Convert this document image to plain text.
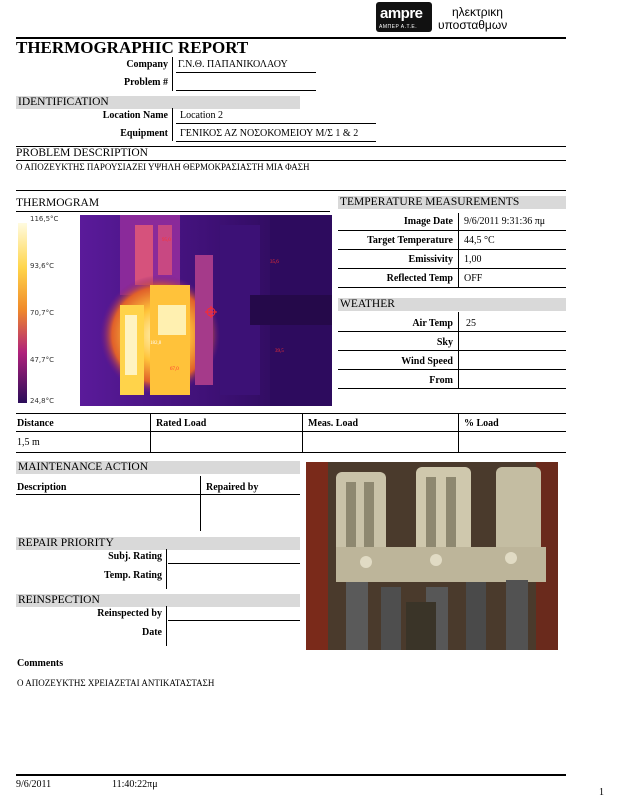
ampre
ΑΜΠΕΡ Α.Τ.Ε.
ηλεκτρικη
υποσταθμων
THERMOGRAPHIC REPORT
Company Γ.Ν.Θ. ΠΑΠΑΝΙΚΟΛΑΟΥ
Problem #
IDENTIFICATION
Location Name Location 2
Equipment ΓΕΝΙΚΟΣ ΑΖ ΝΟΣΟΚΟΜΕΙΟΥ Μ/Σ 1 & 2
PROBLEM DESCRIPTION
Ο ΑΠΟΖΕΥΚΤΗΣ ΠΑΡΟΥΣΙΑΖΕΙ ΥΨΗΛΗ ΘΕΡΜΟΚΡΑΣΙΑΣΤΗ ΜΙΑ ΦΑΣΗ
THERMOGRAM
116,5°C
93,6°C
70,7°C
47,7°C
24,8°C
95,0
35,6
182,8
67,0
39,5
TEMPERATURE MEASUREMENTS
Image Date 9/6/2011 9:31:36 πμ
Target Temperature 44,5 °C
Emissivity 1,00
Reflected Temp OFF
WEATHER
Air Temp 25
Sky
Wind Speed
From
Distance	Rated Load	Meas. Load	% Load
1,5 m
MAINTENANCE ACTION
Description	Repaired by
REPAIR PRIORITY
Subj. Rating
Temp. Rating
REINSPECTION
Reinspected by
Date
Comments
Ο ΑΠΟΖΕΥΚΤΗΣ ΧΡΕΙΑΖΕΤΑΙ ΑΝΤΙΚΑΤΑΣΤΑΣΗ
9/6/2011	11:40:22πμ
1
